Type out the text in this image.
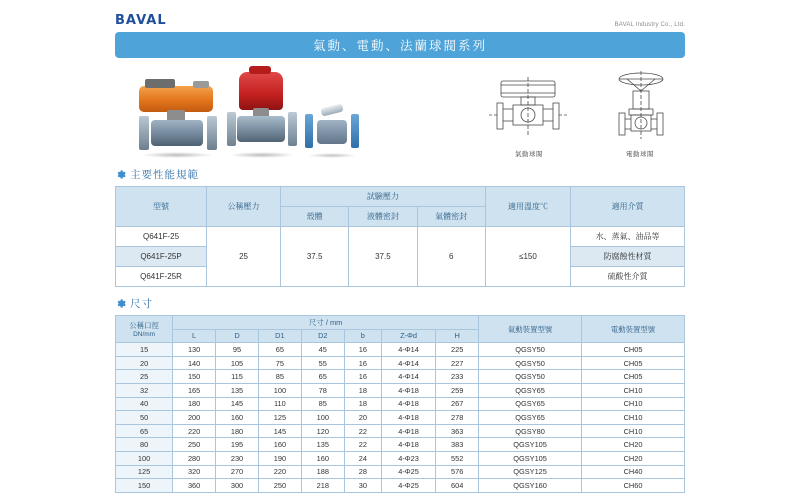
BAVAL	BAVAL Industry Co., Ltd.
氣動、電動、法蘭球閥系列
氣動球閥	電動球閥
主要性能規範
型號	公稱壓力	試驗壓力			適用溫度℃	適用介質
		殼體	液體密封	氣體密封		
Q641F-25	25	37.5	37.5	6	≤150	水、蒸氣、油品等
Q641F-25P						防腐蝕性材質
Q641F-25R						硫酸性介質
尺寸
公稱口徑
DN/mm	尺寸 / mm							氣動裝置型號	電動裝置型號
	L	D	D1	D2	b	Z-Φd	H		
15	130	95	65	45	16	4-Φ14	225	QGSY50	CH05
20	140	105	75	55	16	4-Φ14	227	QGSY50	CH05
25	150	115	85	65	16	4-Φ14	233	QGSY50	CH05
32	165	135	100	78	18	4-Φ18	259	QGSY65	CH10
40	180	145	110	85	18	4-Φ18	267	QGSY65	CH10
50	200	160	125	100	20	4-Φ18	278	QGSY65	CH10
65	220	180	145	120	22	4-Φ18	363	QGSY80	CH10
80	250	195	160	135	22	4-Φ18	383	QGSY105	CH20
100	280	230	190	160	24	4-Φ23	552	QGSY105	CH20
125	320	270	220	188	28	4-Φ25	576	QGSY125	CH40
150	360	300	250	218	30	4-Φ25	604	QGSY160	CH60
